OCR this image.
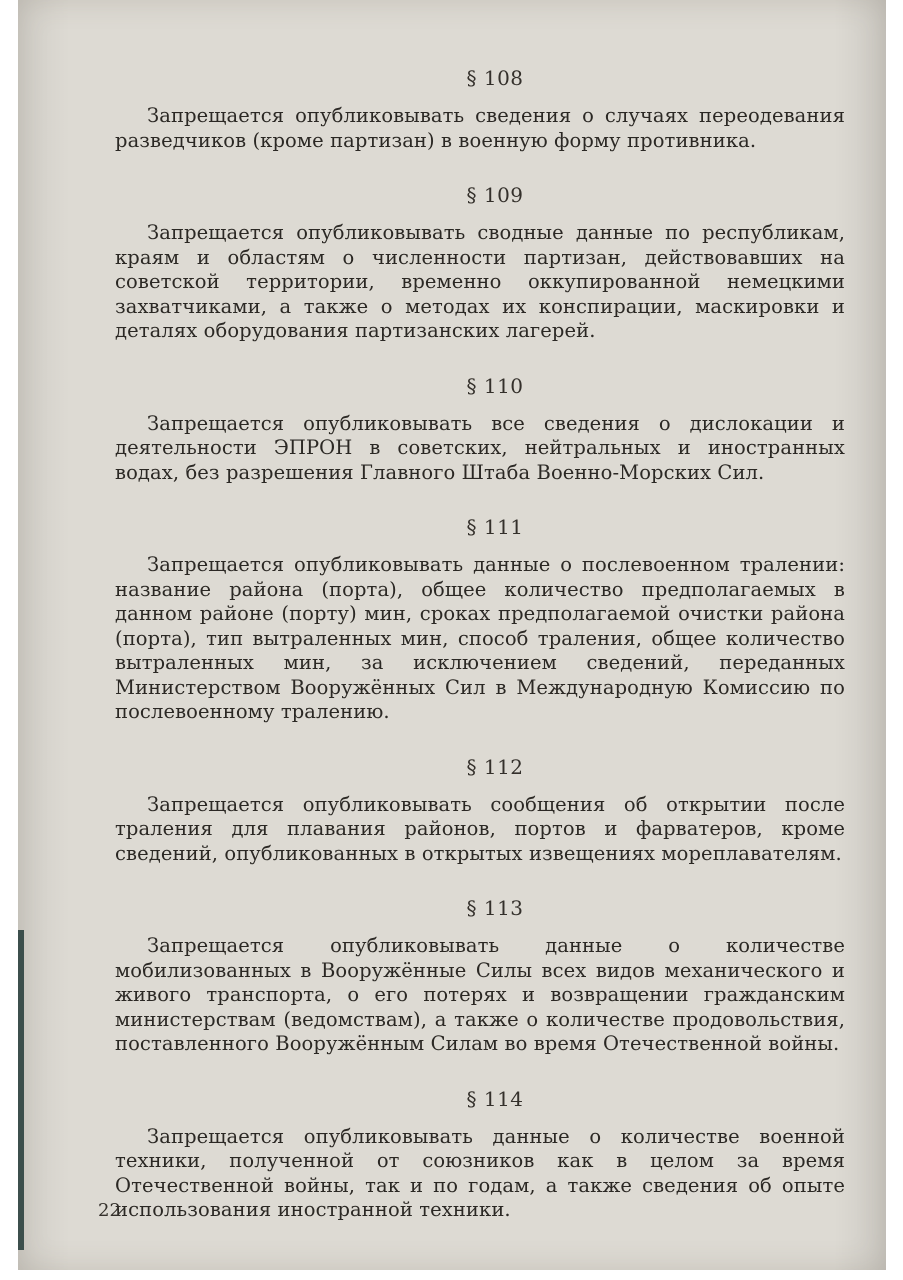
§ 108
Запрещается опубликовывать сведения о случаях переодевания разведчиков (кроме партизан) в военную форму противника.
§ 109
Запрещается опубликовывать сводные данные по республикам, краям и областям о численности партизан, действовавших на советской территории, временно оккупированной немецкими захватчиками, а также о методах их конспирации, маскировки и деталях оборудования партизанских лагерей.
§ 110
Запрещается опубликовывать все сведения о дислокации и деятельности ЭПРОН в советских, нейтральных и иностранных водах, без разрешения Главного Штаба Военно-Морских Сил.
§ 111
Запрещается опубликовывать данные о послевоенном тралении: название района (порта), общее количество предполагаемых в данном районе (порту) мин, сроках предполагаемой очистки района (порта), тип вытраленных мин, способ траления, общее количество вытраленных мин, за исключением сведений, переданных Министерством Вооружённых Сил в Международную Комиссию по послевоенному тралению.
§ 112
Запрещается опубликовывать сообщения об открытии после траления для плавания районов, портов и фарватеров, кроме сведений, опубликованных в открытых извещениях мореплавателям.
§ 113
Запрещается опубликовывать данные о количестве мобилизованных в Вооружённые Силы всех видов механического и живого транспорта, о его потерях и возвращении гражданским министерствам (ведомствам), а также о количестве продовольствия, поставленного Вооружённым Силам во время Отечественной войны.
§ 114
Запрещается опубликовывать данные о количестве военной техники, полученной от союзников как в целом за время Отечественной войны, так и по годам, а также сведения об опыте использования иностранной техники.
22
